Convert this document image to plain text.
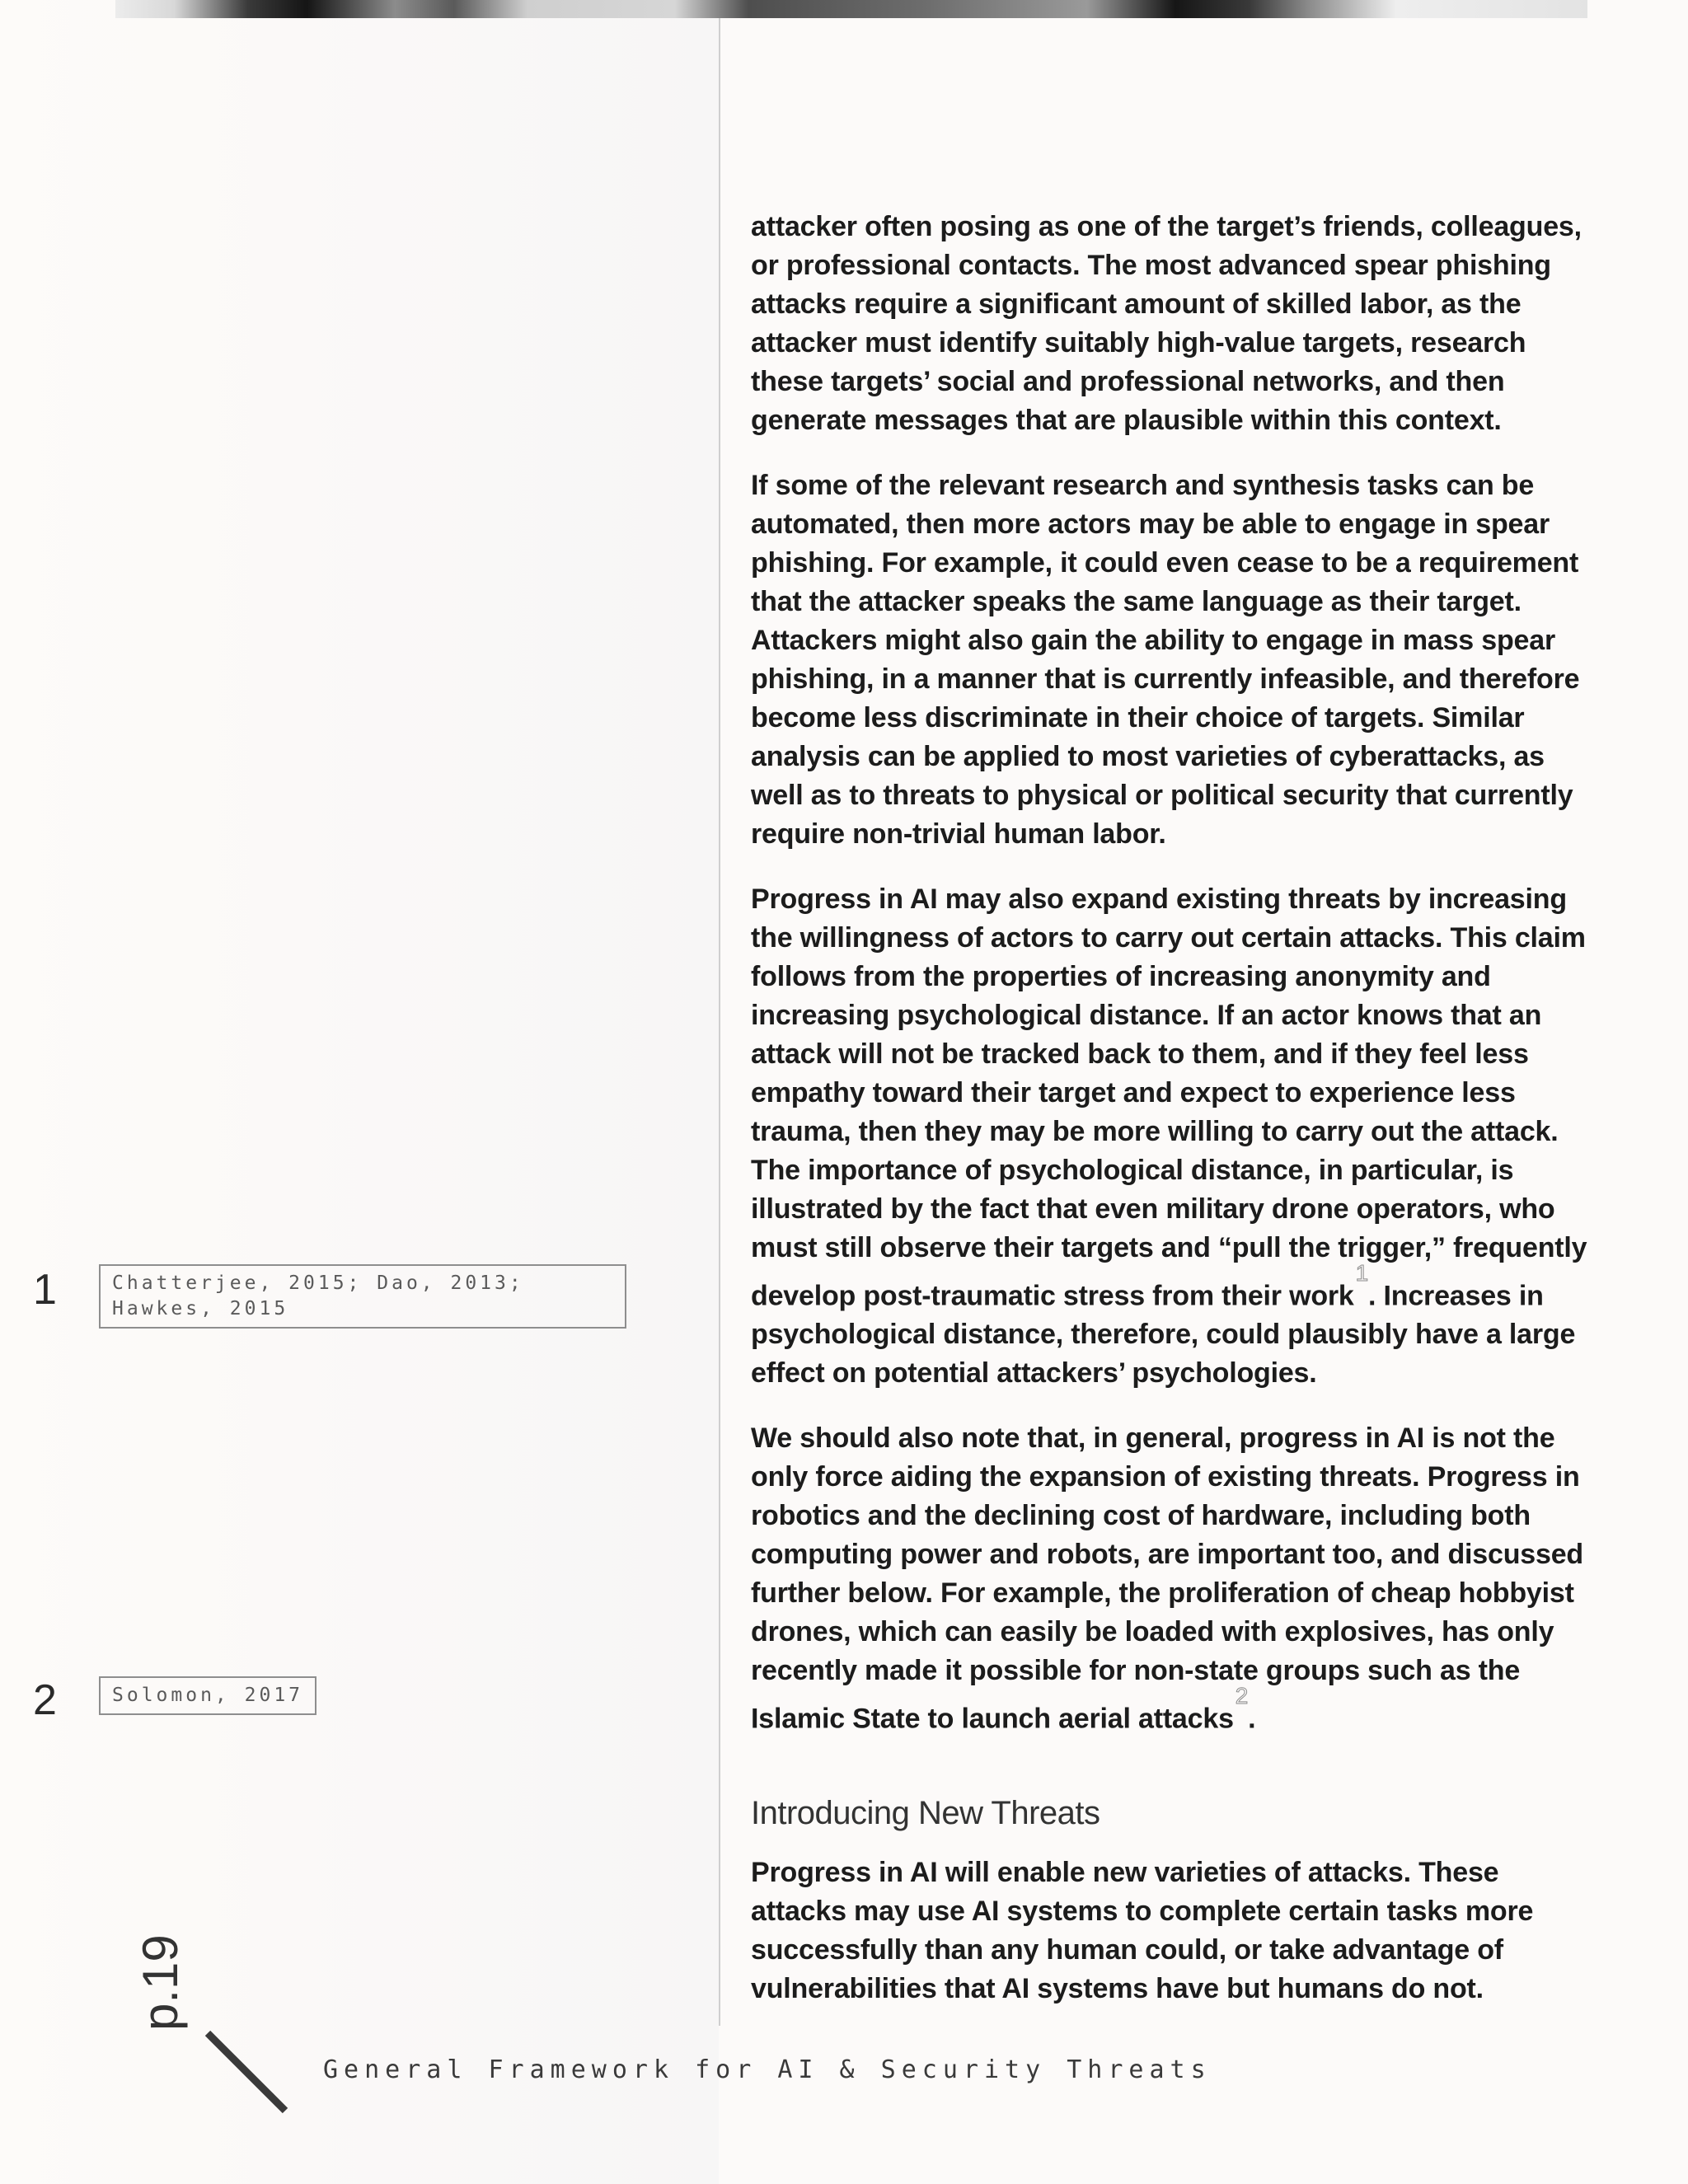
attacker often posing as one of the target’s friends, colleagues, or professional contacts. The most advanced spear phishing attacks require a significant amount of skilled labor, as the attacker must identify suitably high-value targets, research these targets’ social and professional networks, and then generate messages that are plausible within this context.

If some of the relevant research and synthesis tasks can be automated, then more actors may be able to engage in spear phishing. For example, it could even cease to be a requirement that the attacker speaks the same language as their target. Attackers might also gain the ability to engage in mass spear phishing, in a manner that is currently infeasible, and therefore become less discriminate in their choice of targets. Similar analysis can be applied to most varieties of cyberattacks, as well as to threats to physical or political security that currently require non-trivial human labor.

Progress in AI may also expand existing threats by increasing the willingness of actors to carry out certain attacks. This claim follows from the properties of increasing anonymity and increasing psychological distance. If an actor knows that an attack will not be tracked back to them, and if they feel less empathy toward their target and expect to experience less trauma, then they may be more willing to carry out the attack. The importance of psychological distance, in particular, is illustrated by the fact that even military drone operators, who must still observe their targets and “pull the trigger,” frequently develop post-traumatic stress from their work$^1$. Increases in psychological distance, therefore, could plausibly have a large effect on potential attackers’ psychologies.

We should also note that, in general, progress in AI is not the only force aiding the expansion of existing threats. Progress in robotics and the declining cost of hardware, including both computing power and robots, are important too, and discussed further below. For example, the proliferation of cheap hobbyist drones, which can easily be loaded with explosives, has only recently made it possible for non-state groups such as the Islamic State to launch aerial attacks$^2$.

Introducing New Threats

Progress in AI will enable new varieties of attacks. These attacks may use AI systems to complete certain tasks more successfully than any human could, or take advantage of vulnerabilities that AI systems have but humans do not.

1	Chatterjee, 2015; Dao, 2013; Hawkes, 2015
2	Solomon, 2017
p.19
General Framework for AI & Security Threats
